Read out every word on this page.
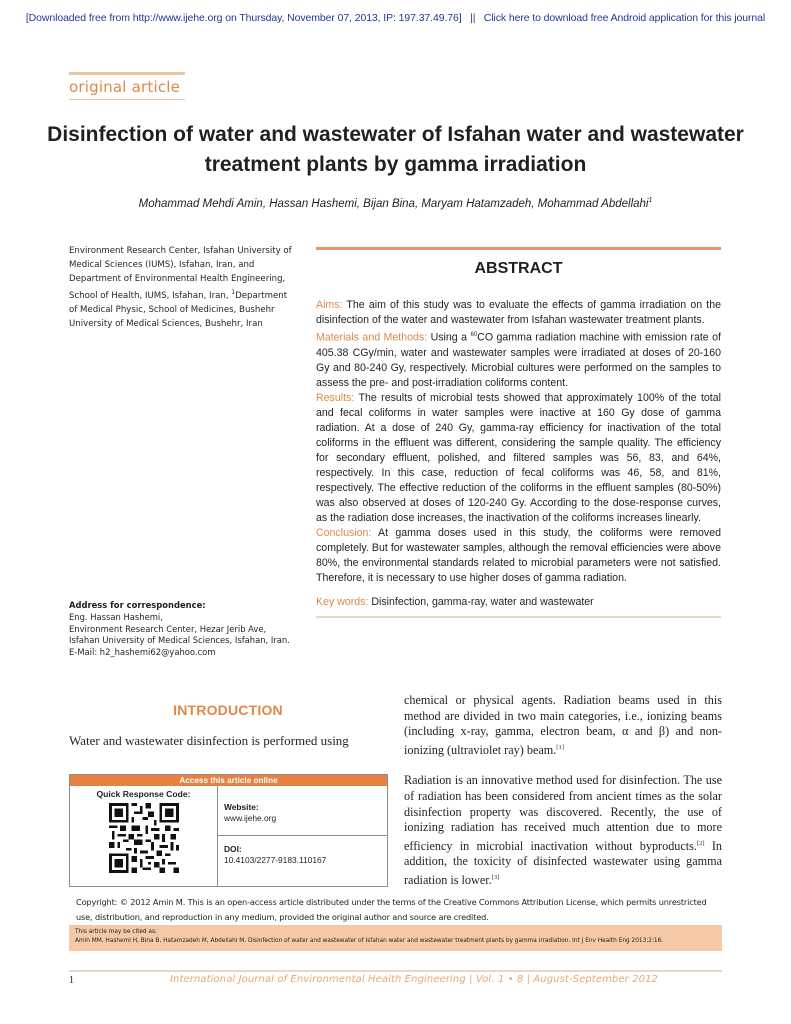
[Downloaded free from http://www.ijehe.org on Thursday, November 07, 2013, IP: 197.37.49.76] || Click here to download free Android application for this journal
original article
Disinfection of water and wastewater of Isfahan water and wastewater treatment plants by gamma irradiation
Mohammad Mehdi Amin, Hassan Hashemi, Bijan Bina, Maryam Hatamzadeh, Mohammad Abdellahi$^1$
Environment Research Center, Isfahan University of Medical Sciences (IUMS), Isfahan, Iran, and Department of Environmental Health Engineering, School of Health, IUMS, Isfahan, Iran, $^1$Department of Medical Physic, School of Medicines, Bushehr University of Medical Sciences, Bushehr, Iran
Address for correspondence:
Eng. Hassan Hashemi,
Environment Research Center, Hezar Jerib Ave,
Isfahan University of Medical Sciences, Isfahan, Iran.
E-Mail: h2_hashemi62@yahoo.com
ABSTRACT

Aims: The aim of this study was to evaluate the effects of gamma irradiation on the disinfection of the water and wastewater from Isfahan wastewater treatment plants.

Materials and Methods: Using a $^{60}$CO gamma radiation machine with emission rate of 405.38 CGy/min, water and wastewater samples were irradiated at doses of 20-160 Gy and 80-240 Gy, respectively. Microbial cultures were performed on the samples to assess the pre- and post-irradiation coliforms content.

Results: The results of microbial tests showed that approximately 100% of the total and fecal coliforms in water samples were inactive at 160 Gy dose of gamma radiation. At a dose of 240 Gy, gamma-ray efficiency for inactivation of the total coliforms in the effluent was different, considering the sample quality. The efficiency for secondary effluent, polished, and filtered samples was 56, 83, and 64%, respectively. In this case, reduction of fecal coliforms was 46, 58, and 81%, respectively. The effective reduction of the coliforms in the effluent samples (80-50%) was also observed at doses of 120-240 Gy. According to the dose-response curves, as the radiation dose increases, the inactivation of the coliforms increases linearly.

Conclusion: At gamma doses used in this study, the coliforms were removed completely. But for wastewater samples, although the removal efficiencies were above 80%, the environmental standards related to microbial parameters were not satisfied. Therefore, it is necessary to use higher doses of gamma radiation.

Key words: Disinfection, gamma-ray, water and wastewater

INTRODUCTION
Water and wastewater disinfection is performed using

chemical or physical agents. Radiation beams used in this method are divided in two main categories, i.e., ionizing beams (including x-ray, gamma, electron beam, α and β) and non-ionizing (ultraviolet ray) beam.[1]

Radiation is an innovative method used for disinfection. The use of radiation has been considered from ancient times as the solar disinfection property was discovered. Recently, the use of ionizing radiation has received much attention due to more efficiency in microbial inactivation without byproducts.[2] In addition, the toxicity of disinfected wastewater using gamma radiation is lower.[3]

Access this article online
Quick Response Code:
Website:
www.ijehe.org
DOI:
10.4103/2277-9183.110167
Copyright: © 2012 Amin M. This is an open-access article distributed under the terms of the Creative Commons Attribution License, which permits unrestricted use, distribution, and reproduction in any medium, provided the original author and source are credited.
This article may be cited as:
Amin MM, Hashemi H, Bina B, Hatamzadeh M, Abdellahi M. Disinfection of water and wastewater of Isfahan water and wastewater treatment plants by gamma irradiation. Int J Env Health Eng 2013;2:16.
1	International Journal of Environmental Health Engineering | Vol. 1 • 8 | August-September 2012
